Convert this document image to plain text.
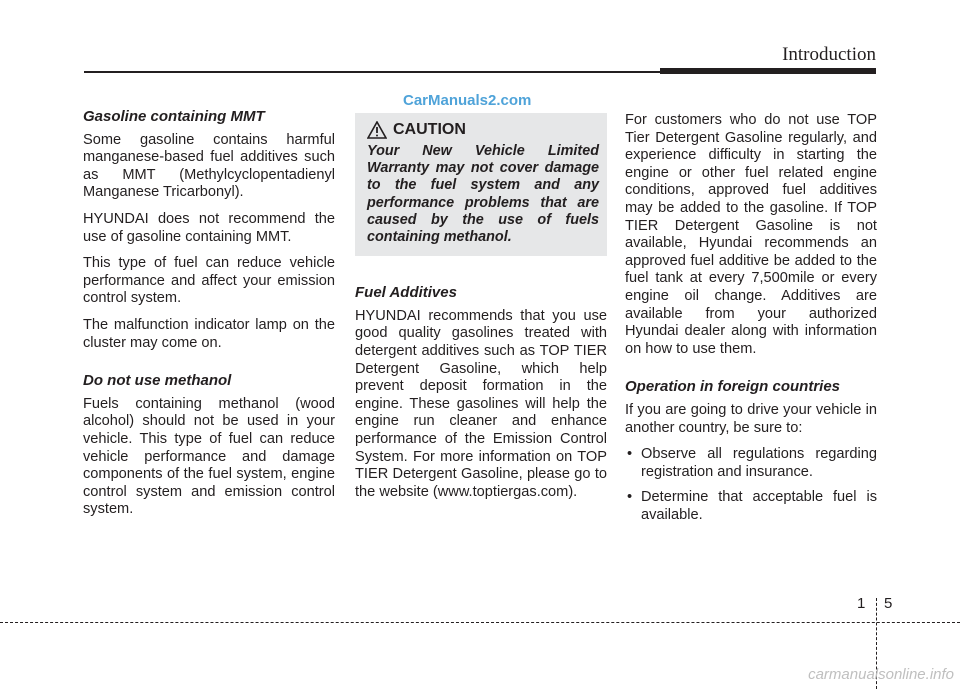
Introduction
CarManuals2.com
Gasoline containing MMT

Some gasoline contains harmful manganese-based fuel additives such as MMT (Methylcyclopentadienyl Manganese Tricarbonyl).

HYUNDAI does not recommend the use of gasoline containing MMT.

This type of fuel can reduce vehicle performance and affect your emission control system.

The malfunction indicator lamp on the cluster may come on.

Do not use methanol

Fuels containing methanol (wood alcohol) should not be used in your vehicle. This type of fuel can reduce vehicle performance and damage components of the fuel system, engine control system and emission control system.

CAUTION
Your New Vehicle Limited Warranty may not cover damage to the fuel system and any performance problems that are caused by the use of fuels containing methanol.
Fuel Additives

HYUNDAI recommends that you use good quality gasolines treated with detergent additives such as TOP TIER Detergent Gasoline, which help prevent deposit formation in the engine. These gasolines will help the engine run cleaner and enhance performance of the Emission Control System. For more information on TOP TIER Detergent Gasoline, please go to the website (www.toptiergas.com).

For customers who do not use TOP Tier Detergent Gasoline regularly, and experience difficulty in starting the engine or other fuel related engine conditions, approved fuel additives may be added to the gasoline. If TOP TIER Detergent Gasoline is not available, Hyundai recommends an approved fuel additive be added to the fuel tank at every 7,500mile or every engine oil change. Additives are available from your authorized Hyundai dealer along with information on how to use them.

Operation in foreign countries

If you are going to drive your vehicle in another country, be sure to:

• Observe all regulations regarding registration and insurance.
• Determine that acceptable fuel is available.
1 5
carmanualsonline.info
